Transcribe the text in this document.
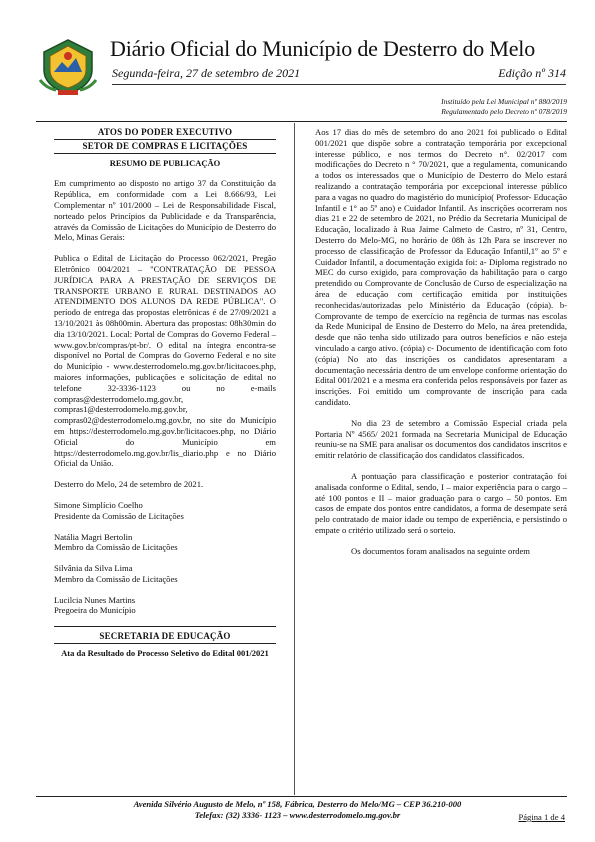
Diário Oficial do Município de Desterro do Melo
Segunda-feira, 27 de setembro de 2021	Edição nº 314
Instituído pela Lei Municipal nº 880/2019
Regulamentado pelo Decreto nº 078/2019
ATOS DO PODER EXECUTIVO
SETOR DE COMPRAS E LICITAÇÕES
RESUMO DE PUBLICAÇÃO

Em cumprimento ao disposto no artigo 37 da Constituição da República, em conformidade com a Lei 8.666/93, Lei Complementar nº 101/2000 – Lei de Responsabilidade Fiscal, norteado pelos Princípios da Publicidade e da Transparência, através da Comissão de Licitações do Município de Desterro do Melo, Minas Gerais:

Publica o Edital de Licitação do Processo 062/2021, Pregão Eletrônico 004/2021 – "CONTRATAÇÃO DE PESSOA JURÍDICA PARA A PRESTAÇÃO DE SERVIÇOS DE TRANSPORTE URBANO E RURAL DESTINADOS AO ATENDIMENTO DOS ALUNOS DA REDE PÚBLICA". O período de entrega das propostas eletrônicas é de 27/09/2021 a 13/10/2021 às 08h00min. Abertura das propostas: 08h30min do dia 13/10/2021. Local: Portal de Compras do Governo Federal – www.gov.br/compras/pt-br/. O edital na íntegra encontra-se disponível no Portal de Compras do Governo Federal e no site do Município - www.desterrodomelo.mg.gov.br/licitacoes.php, maiores informações, publicações e solicitação de edital no telefone 32-3336-1123 ou no e-mails compras@desterrodomelo.mg.gov.br, compras1@desterrodomelo.mg.gov.br, compras02@desterrodomelo.mg.gov.br, no site do Município em https://desterrodomelo.mg.gov.br/licitacoes.php, no Diário Oficial do Município em https://desterrodomelo.mg.gov.br/lis_diario.php e no Diário Oficial da União.

Desterro do Melo, 24 de setembro de 2021.

Simone Simplício Coelho
Presidente da Comissão de Licitações
Natália Magri Bertolin
Membro da Comissão de Licitações
Silvânia da Silva Lima
Membro da Comissão de Licitações
Lucilcia Nunes Martins
Pregoeira do Município
SECRETARIA DE EDUCAÇÃO
Ata da Resultado do Processo Seletivo do Edital 001/2021

Aos 17 dias do mês de setembro do ano 2021 foi publicado o Edital 001/2021 que dispõe sobre a contratação temporária por excepcional interesse público, e nos termos do Decreto n°. 02/2017 com modificações do Decreto n ° 70/2021, que a regulamenta, comunicando a todos os interessados que o Município de Desterro do Melo estará realizando a contratação temporária por excepcional interesse público para a vagas no quadro do magistério do município( Professor- Educação Infantil e 1° ao 5º ano) e Cuidador Infantil. As inscrições ocorreram nos dias 21 e 22 de setembro de 2021, no Prédio da Secretaria Municipal de Educação, localizado à Rua Jaime Calmeto de Castro, nº 31, Centro, Desterro do Melo-MG, no horário de 08h às 12h Para se inscrever no processo de classificação de Professor da Educação Infantil,1º ao 5º e Cuidador Infantil, a documentação exigida foi: a- Diploma registrado no MEC do curso exigido, para comprovação da habilitação para o cargo pretendido ou Comprovante de Conclusão de Curso de especialização na área de educação com certificação emitida por instituições reconhecidas/autorizadas pelo Ministério da Educação (cópia). b- Comprovante de tempo de exercício na regência de turmas nas escolas da Rede Municipal de Ensino de Desterro do Melo, na área pretendida, desde que não tenha sido utilizado para outros benefícios e não esteja vinculado a cargo ativo. (cópia) c- Documento de identificação com foto (cópia) No ato das inscrições os candidatos apresentaram a documentação necessária dentro de um envelope conforme orientação do Edital 001/2021 e a mesma era conferida pelos responsáveis por fazer as inscrições. Foi emitido um comprovante de inscrição para cada candidato.

No dia 23 de setembro a Comissão Especial criada pela Portaria Nº 4565/ 2021 formada na Secretaria Municipal de Educação reuniu-se na SME para analisar os documentos dos candidatos inscritos e emitir relatório de classificação dos candidatos classificados.

A pontuação para classificação e posterior contratação foi analisada conforme o Edital, sendo, I – maior experiência para o cargo – até 100 pontos e II – maior graduação para o cargo – 50 pontos. Em casos de empate dos pontos entre candidatos, a forma de desempate será pelo contratado de maior idade ou tempo de experiência, e persistindo o empate o critério utilizado será o sorteio.

Os documentos foram analisados na seguinte ordem

Avenida Silvério Augusto de Melo, nº 158, Fábrica, Desterro do Melo/MG – CEP 36.210-000
Telefax: (32) 3336- 1123 – www.desterrodomelo.mg.gov.br	Página 1 de 4
